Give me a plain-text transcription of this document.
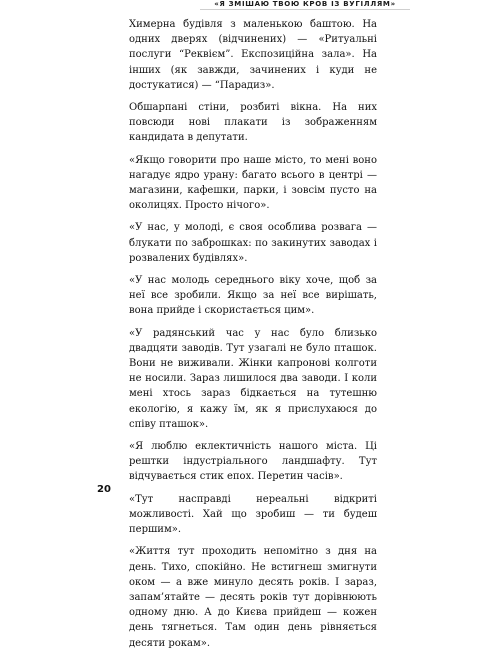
«Я ЗМІШАЮ ТВОЮ КРОВ ІЗ ВУГІЛЛЯМ»

Химерна будівля з маленькою баштою. На одних дверях (відчинених) — «Ритуальні послуги “Реквієм”. Експозиційна зала». На інших (як завжди, зачинених і куди не достукатися) — “Парадиз».

Обшарпані стіни, розбиті вікна. На них повсюди нові плакати із зображенням кандидата в депутати.

«Якщо говорити про наше місто, то мені воно нагадує ядро урану: багато всього в центрі — магазини, кафешки, парки, і зовсім пусто на околицях. Просто нічого».

«У нас, у молоді, є своя особлива розвага — блукати по заброшках: по закинутих заводах і розвалених будівлях».

«У нас молодь середнього віку хоче, щоб за неї все зробили. Якщо за неї все вирішать, вона прийде і скористається цим».

«У радянський час у нас було близько двадцяти заводів. Тут узагалі не було пташок. Вони не виживали. Жінки капронові колготи не носили. Зараз лишилося два заводи. І коли мені хтось зараз бідкається на тутешню екологію, я кажу їм, як я прислухаюся до співу пташок».

«Я люблю еклектичність нашого міста. Ці рештки індустріального ландшафту. Тут відчувається стик епох. Перетин часів».

«Тут насправді нереальні відкриті можливості. Хай що зробиш — ти будеш першим».

«Життя тут проходить непомітно з дня на день. Тихо, спокійно. Не встигнеш змигнути оком — а вже минуло десять років. І зараз, запам’ятайте — десять років тут дорівнюють одному дню. А до Києва прийдеш — кожен день тягнеться. Там один день рівняється десяти рокам».

20
